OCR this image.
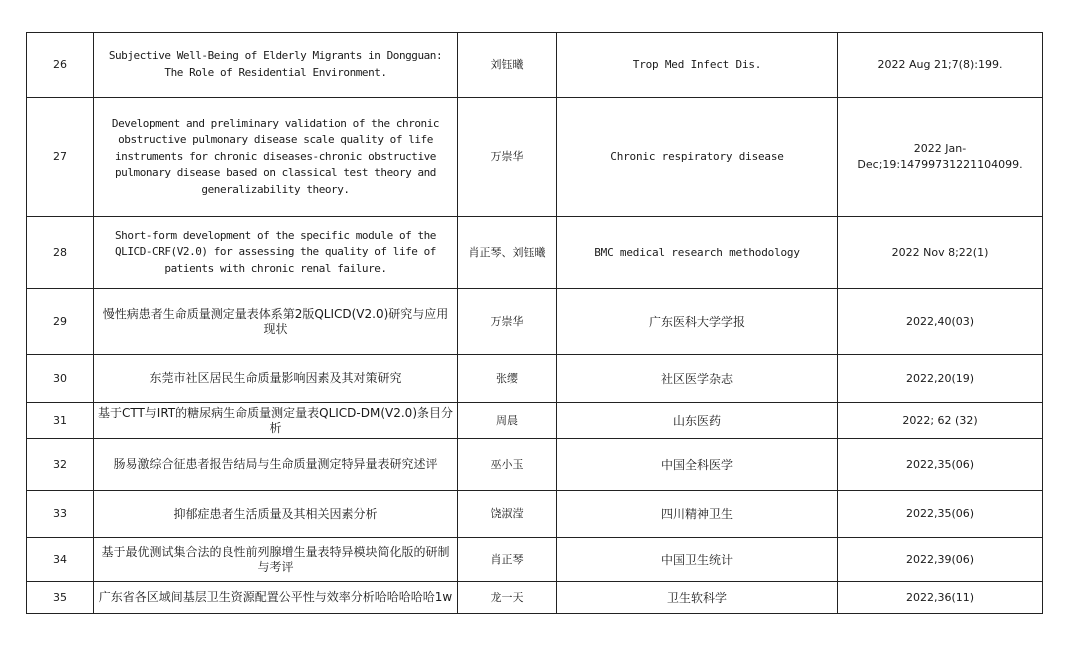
26	Subjective Well-Being of Elderly Migrants in Dongguan: The Role of Residential Environment.	刘钰曦	Trop Med Infect Dis.	2022 Aug 21;7(8):199.
27	Development and preliminary validation of the chronic obstructive pulmonary disease scale quality of life instruments for chronic diseases-chronic obstructive pulmonary disease based on classical test theory and generalizability theory.	万崇华	Chronic respiratory disease	2022 Jan-Dec;19:14799731221104099.
28	Short-form development of the specific module of the QLICD-CRF(V2.0) for assessing the quality of life of patients with chronic renal failure.	肖正琴、刘钰曦	BMC medical research methodology	2022 Nov 8;22(1)
29	慢性病患者生命质量测定量表体系第2版QLICD(V2.0)研究与应用现状	万崇华	广东医科大学学报	2022,40(03)
30	东莞市社区居民生命质量影响因素及其对策研究	张缨	社区医学杂志	2022,20(19)
31	基于CTT与IRT的糖尿病生命质量测定量表QLICD-DM(V2.0)条目分析	周晨	山东医药	2022; 62 (32)
32	肠易激综合征患者报告结局与生命质量测定特异量表研究述评	巫小玉	中国全科医学	2022,35(06)
33	抑郁症患者生活质量及其相关因素分析	饶淑滢	四川精神卫生	2022,35(06)
34	基于最优测试集合法的良性前列腺增生量表特异模块简化版的研制与考评	肖正琴	中国卫生统计	2022,39(06)
35	广东省各区域间基层卫生资源配置公平性与效率分析哈哈哈哈哈1w	龙一天	卫生软科学	2022,36(11)
